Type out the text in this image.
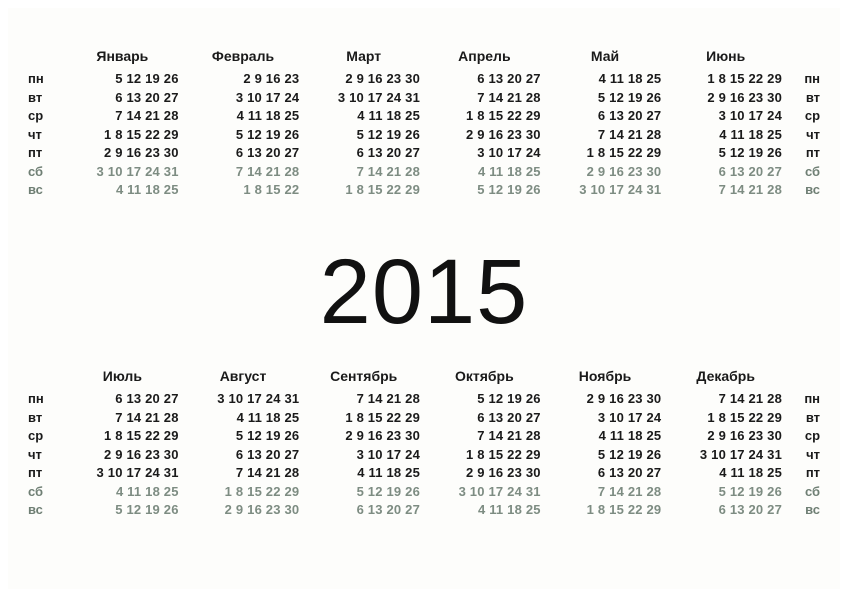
пн
вт
ср
чт
пт
сб
вс
Январь
5 12 19 26
6 13 20 27
7 14 21 28
1 8 15 22 29
2 9 16 23 30
3 10 17 24 31
4 11 18 25
Февраль
2 9 16 23
3 10 17 24
4 11 18 25
5 12 19 26
6 13 20 27
7 14 21 28
1 8 15 22
Март
2 9 16 23 30
3 10 17 24 31
4 11 18 25
5 12 19 26
6 13 20 27
7 14 21 28
1 8 15 22 29
Апрель
6 13 20 27
7 14 21 28
1 8 15 22 29
2 9 16 23 30
3 10 17 24
4 11 18 25
5 12 19 26
Май
4 11 18 25
5 12 19 26
6 13 20 27
7 14 21 28
1 8 15 22 29
2 9 16 23 30
3 10 17 24 31
Июнь
1 8 15 22 29
2 9 16 23 30
3 10 17 24
4 11 18 25
5 12 19 26
6 13 20 27
7 14 21 28
пн
вт
ср
чт
пт
сб
вс
2015
пн
вт
ср
чт
пт
сб
вс
Июль
6 13 20 27
7 14 21 28
1 8 15 22 29
2 9 16 23 30
3 10 17 24 31
4 11 18 25
5 12 19 26
Август
3 10 17 24 31
4 11 18 25
5 12 19 26
6 13 20 27
7 14 21 28
1 8 15 22 29
2 9 16 23 30
Сентябрь
7 14 21 28
1 8 15 22 29
2 9 16 23 30
3 10 17 24
4 11 18 25
5 12 19 26
6 13 20 27
Октябрь
5 12 19 26
6 13 20 27
7 14 21 28
1 8 15 22 29
2 9 16 23 30
3 10 17 24 31
4 11 18 25
Ноябрь
2 9 16 23 30
3 10 17 24
4 11 18 25
5 12 19 26
6 13 20 27
7 14 21 28
1 8 15 22 29
Декабрь
7 14 21 28
1 8 15 22 29
2 9 16 23 30
3 10 17 24 31
4 11 18 25
5 12 19 26
6 13 20 27
пн
вт
ср
чт
пт
сб
вс
